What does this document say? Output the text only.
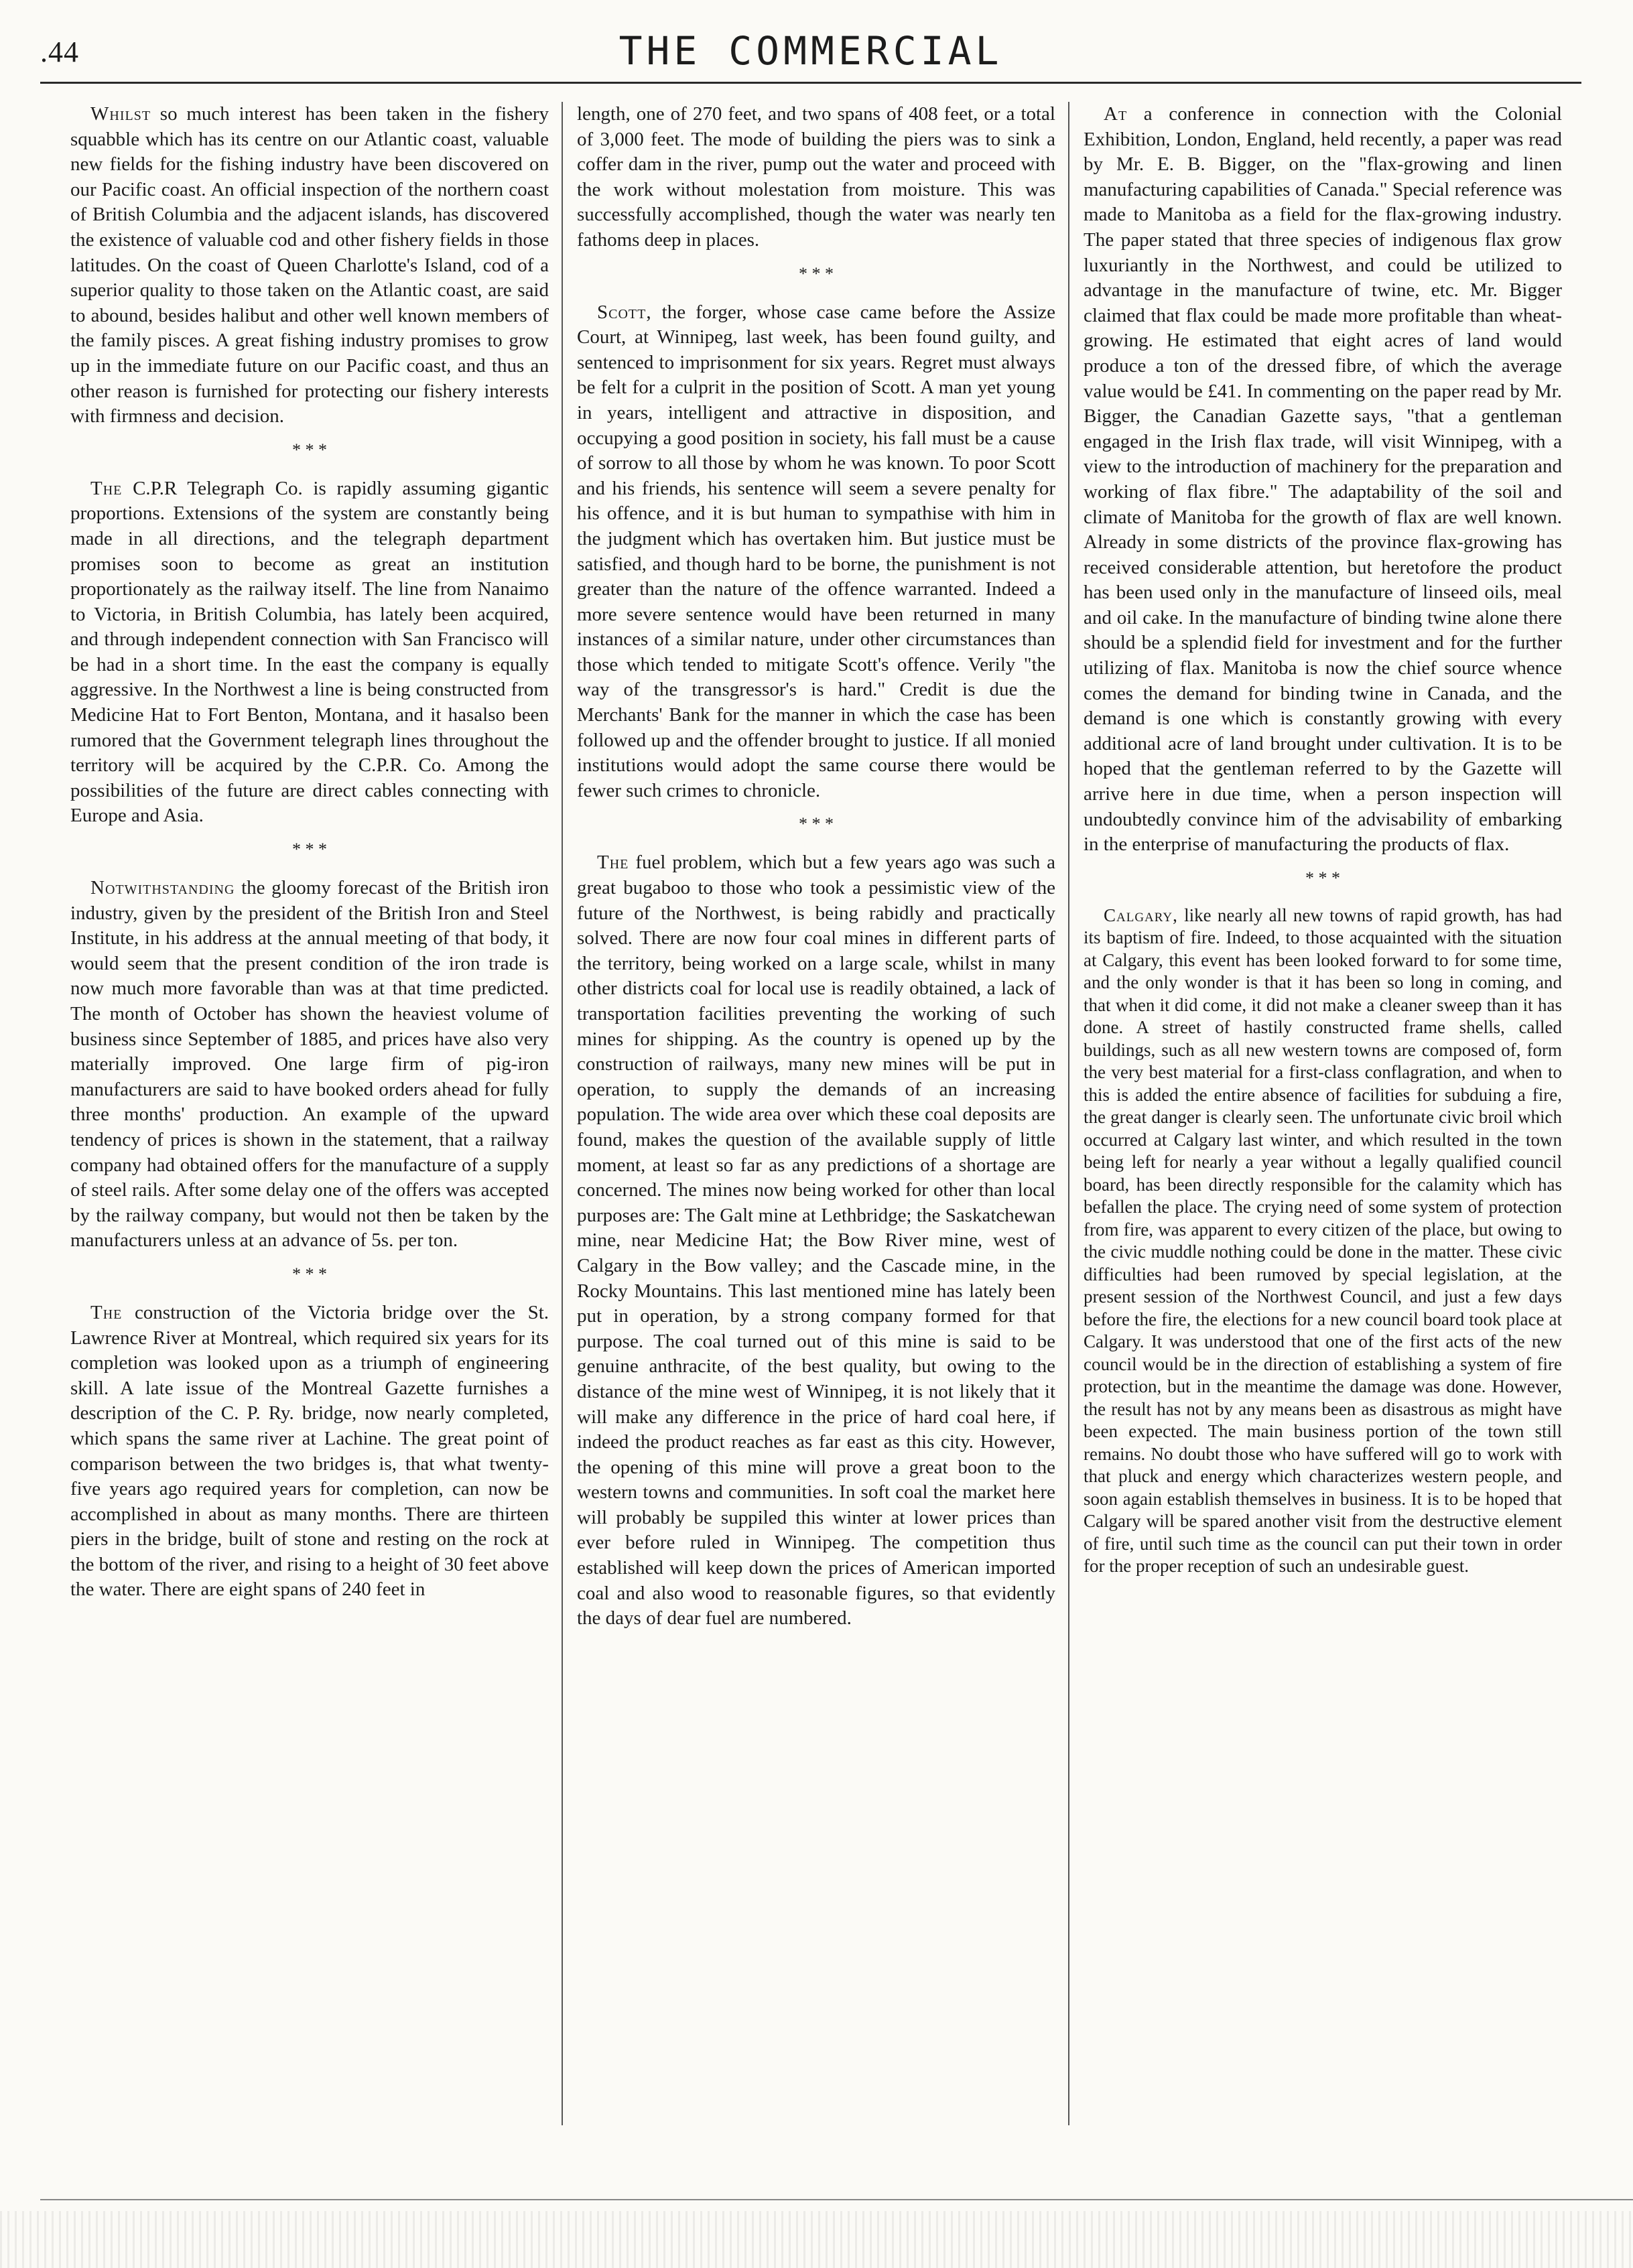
.44	THE COMMERCIAL

Whilst so much interest has been taken in the fishery squabble which has its centre on our Atlantic coast, valuable new fields for the fishing industry have been discovered on our Pacific coast. An official inspection of the northern coast of British Columbia and the adjacent islands, has discovered the existence of valuable cod and other fishery fields in those latitudes. On the coast of Queen Charlotte's Island, cod of a superior quality to those taken on the Atlantic coast, are said to abound, besides halibut and other well known members of the family pisces. A great fishing industry promises to grow up in the immediate future on our Pacific coast, and thus an other reason is furnished for protecting our fishery interests with firmness and decision.

* * *

The C.P.R Telegraph Co. is rapidly assuming gigantic proportions. Extensions of the system are constantly being made in all directions, and the telegraph department promises soon to become as great an institution proportionately as the railway itself. The line from Nanaimo to Victoria, in British Columbia, has lately been acquired, and through independent connection with San Francisco will be had in a short time. In the east the company is equally aggressive. In the Northwest a line is being constructed from Medicine Hat to Fort Benton, Montana, and it hasalso been rumored that the Government telegraph lines throughout the territory will be acquired by the C.P.R. Co. Among the possibilities of the future are direct cables connecting with Europe and Asia.

* * *

Notwithstanding the gloomy forecast of the British iron industry, given by the president of the British Iron and Steel Institute, in his address at the annual meeting of that body, it would seem that the present condition of the iron trade is now much more favorable than was at that time predicted. The month of October has shown the heaviest volume of business since September of 1885, and prices have also very materially improved. One large firm of pig-iron manufacturers are said to have booked orders ahead for fully three months' production. An example of the upward tendency of prices is shown in the statement, that a railway company had obtained offers for the manufacture of a supply of steel rails. After some delay one of the offers was accepted by the railway company, but would not then be taken by the manufacturers unless at an advance of 5s. per ton.

* * *

The construction of the Victoria bridge over the St. Lawrence River at Montreal, which required six years for its completion was looked upon as a triumph of engineering skill. A late issue of the Montreal Gazette furnishes a description of the C. P. Ry. bridge, now nearly completed, which spans the same river at Lachine. The great point of comparison between the two bridges is, that what twenty-five years ago required years for completion, can now be accomplished in about as many months. There are thirteen piers in the bridge, built of stone and resting on the rock at the bottom of the river, and rising to a height of 30 feet above the water. There are eight spans of 240 feet in

length, one of 270 feet, and two spans of 408 feet, or a total of 3,000 feet. The mode of building the piers was to sink a coffer dam in the river, pump out the water and proceed with the work without molestation from moisture. This was successfully accomplished, though the water was nearly ten fathoms deep in places.

* * *

Scott, the forger, whose case came before the Assize Court, at Winnipeg, last week, has been found guilty, and sentenced to imprisonment for six years. Regret must always be felt for a culprit in the position of Scott. A man yet young in years, intelligent and attractive in disposition, and occupying a good position in society, his fall must be a cause of sorrow to all those by whom he was known. To poor Scott and his friends, his sentence will seem a severe penalty for his offence, and it is but human to sympathise with him in the judgment which has overtaken him. But justice must be satisfied, and though hard to be borne, the punishment is not greater than the nature of the offence warranted. Indeed a more severe sentence would have been returned in many instances of a similar nature, under other circumstances than those which tended to mitigate Scott's offence. Verily "the way of the transgressor's is hard." Credit is due the Merchants' Bank for the manner in which the case has been followed up and the offender brought to justice. If all monied institutions would adopt the same course there would be fewer such crimes to chronicle.

* * *

The fuel problem, which but a few years ago was such a great bugaboo to those who took a pessimistic view of the future of the Northwest, is being rabidly and practically solved. There are now four coal mines in different parts of the territory, being worked on a large scale, whilst in many other districts coal for local use is readily obtained, a lack of transportation facilities preventing the working of such mines for shipping. As the country is opened up by the construction of railways, many new mines will be put in operation, to supply the demands of an increasing population. The wide area over which these coal deposits are found, makes the question of the available supply of little moment, at least so far as any predictions of a shortage are concerned. The mines now being worked for other than local purposes are: The Galt mine at Lethbridge; the Saskatchewan mine, near Medicine Hat; the Bow River mine, west of Calgary in the Bow valley; and the Cascade mine, in the Rocky Mountains. This last mentioned mine has lately been put in operation, by a strong company formed for that purpose. The coal turned out of this mine is said to be genuine anthracite, of the best quality, but owing to the distance of the mine west of Winnipeg, it is not likely that it will make any difference in the price of hard coal here, if indeed the product reaches as far east as this city. However, the opening of this mine will prove a great boon to the western towns and communities. In soft coal the market here will probably be suppiled this winter at lower prices than ever before ruled in Winnipeg. The competition thus established will keep down the prices of American imported coal and also wood to reasonable figures, so that evidently the days of dear fuel are numbered.

At a conference in connection with the Colonial Exhibition, London, England, held recently, a paper was read by Mr. E. B. Bigger, on the "flax-growing and linen manufacturing capabilities of Canada." Special reference was made to Manitoba as a field for the flax-growing industry. The paper stated that three species of indigenous flax grow luxuriantly in the Northwest, and could be utilized to advantage in the manufacture of twine, etc. Mr. Bigger claimed that flax could be made more profitable than wheat-growing. He estimated that eight acres of land would produce a ton of the dressed fibre, of which the average value would be £41. In commenting on the paper read by Mr. Bigger, the Canadian Gazette says, "that a gentleman engaged in the Irish flax trade, will visit Winnipeg, with a view to the introduction of machinery for the preparation and working of flax fibre." The adaptability of the soil and climate of Manitoba for the growth of flax are well known. Already in some districts of the province flax-growing has received considerable attention, but heretofore the product has been used only in the manufacture of linseed oils, meal and oil cake. In the manufacture of binding twine alone there should be a splendid field for investment and for the further utilizing of flax. Manitoba is now the chief source whence comes the demand for binding twine in Canada, and the demand is one which is constantly growing with every additional acre of land brought under cultivation. It is to be hoped that the gentleman referred to by the Gazette will arrive here in due time, when a person inspection will undoubtedly convince him of the advisability of embarking in the enterprise of manufacturing the products of flax.

* * *

Calgary, like nearly all new towns of rapid growth, has had its baptism of fire. Indeed, to those acquainted with the situation at Calgary, this event has been looked forward to for some time, and the only wonder is that it has been so long in coming, and that when it did come, it did not make a cleaner sweep than it has done. A street of hastily constructed frame shells, called buildings, such as all new western towns are composed of, form the very best material for a first-class conflagration, and when to this is added the entire absence of facilities for subduing a fire, the great danger is clearly seen. The unfortunate civic broil which occurred at Calgary last winter, and which resulted in the town being left for nearly a year without a legally qualified council board, has been directly responsible for the calamity which has befallen the place. The crying need of some system of protection from fire, was apparent to every citizen of the place, but owing to the civic muddle nothing could be done in the matter. These civic difficulties had been rumoved by special legislation, at the present session of the Northwest Council, and just a few days before the fire, the elections for a new council board took place at Calgary. It was understood that one of the first acts of the new council would be in the direction of establishing a system of fire protection, but in the meantime the damage was done. However, the result has not by any means been as disastrous as might have been expected. The main business portion of the town still remains. No doubt those who have suffered will go to work with that pluck and energy which characterizes western people, and soon again establish themselves in business. It is to be hoped that Calgary will be spared another visit from the destructive element of fire, until such time as the council can put their town in order for the proper reception of such an undesirable guest.
